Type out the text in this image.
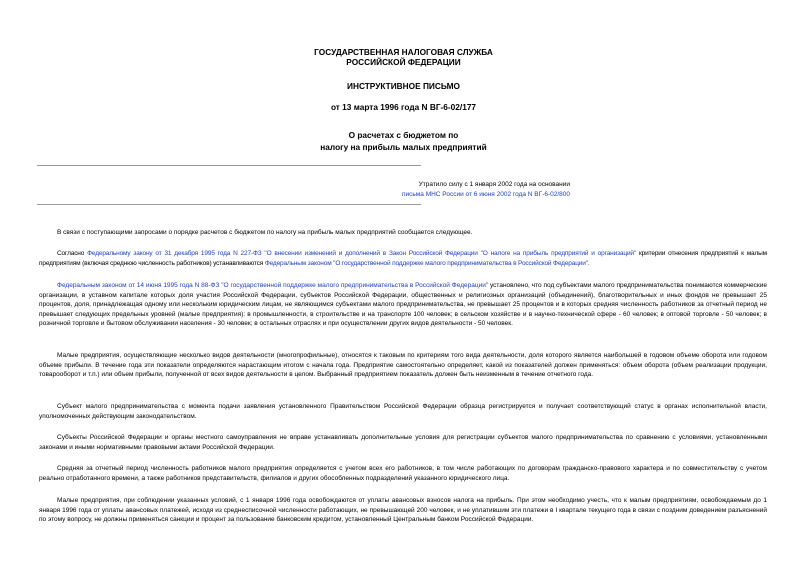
ГОСУДАРСТВЕННАЯ НАЛОГОВАЯ СЛУЖБА
РОССИЙСКОЙ ФЕДЕРАЦИИ
ИНСТРУКТИВНОЕ ПИСЬМО
от 13 марта 1996 года N ВГ-6-02/177
О расчетах с бюджетом по
налогу на прибыль малых предприятий
Утратило силу с 1 января 2002 года на основании
письма МНС России от 6 июня 2002 года N ВГ-6-02/800
В связи с поступающими запросами о порядке расчетов с бюджетом по налогу на прибыль малых предприятий сообщается следующее.
Согласно Федеральному закону от 31 декабря 1995 года N 227-ФЗ "О внесении изменений и дополнений в Закон Российской Федерации "О налоге на прибыль предприятий и организаций" критерии отнесения предприятий к малым предприятиям (включая среднюю численность работников) устанавливаются Федеральным законом "О государственной поддержке малого предпринимательства в Российской Федерации".
Федеральным законом от 14 июня 1995 года N 88-ФЗ "О государственной поддержке малого предпринимательства в Российской Федерации" установлено, что под субъектами малого предпринимательства понимаются коммерческие организации, в уставном капитале которых доля участия Российской Федерации, субъектов Российской Федерации, общественных и религиозных организаций (объединений), благотворительных и иных фондов не превышает 25 процентов, доля, принадлежащая одному или нескольким юридическим лицам, не являющимся субъектами малого предпринимательства, не превышает 25 процентов и в которых средняя численность работников за отчетный период не превышает следующих предельных уровней (малые предприятия): в промышленности, в строительстве и на транспорте 100 человек; в сельском хозяйстве и в научно-технической сфере - 60 человек; в оптовой торговле - 50 человек; в розничной торговле и бытовом обслуживании населения - 30 человек; в остальных отраслях и при осуществлении других видов деятельности - 50 человек.
Малые предприятия, осуществляющие несколько видов деятельности (многопрофильные), относятся к таковым по критериям того вида деятельности, доля которого является наибольшей в годовом объеме оборота или годовом объеме прибыли. В течение года эти показатели определяются нарастающим итогом с начала года. Предприятие самостоятельно определяет, какой из показателей должен применяться: объем оборота (объем реализации продукции, товарооборот и т.п.) или объем прибыли, полученной от всех видов деятельности в целом. Выбранный предприятием показатель должен быть неизменным в течение отчетного года.
Субъект малого предпринимательства с момента подачи заявления установленного Правительством Российской Федерации образца регистрируется и получает соответствующий статус в органах исполнительной власти, уполномоченных действующим законодательством.
Субъекты Российской Федерации и органы местного самоуправления не вправе устанавливать дополнительные условия для регистрации субъектов малого предпринимательства по сравнению с условиями, установленными законами и иными нормативными правовыми актами Российской Федерации.
Средняя за отчетный период численность работников малого предприятия определяется с учетом всех его работников, в том числе работающих по договорам гражданско-правового характера и по совместительству с учетом реально отработанного времени, а также работников представительств, филиалов и других обособленных подразделений указанного юридического лица.
Малые предприятия, при соблюдении указанных условий, с 1 января 1996 года освобождаются от уплаты авансовых взносов налога на прибыль. При этом необходимо учесть, что к малым предприятиям, освобождаемым до 1 января 1996 года от уплаты авансовых платежей, исходя из среднесписочной численности работающих, не превышающей 200 человек, и не уплатившим эти платежи в I квартале текущего года в связи с поздним доведением разъяснений по этому вопросу, не должны применяться санкции и процент за пользование банковским кредитом, установленный Центральным банком Российской Федерации.
